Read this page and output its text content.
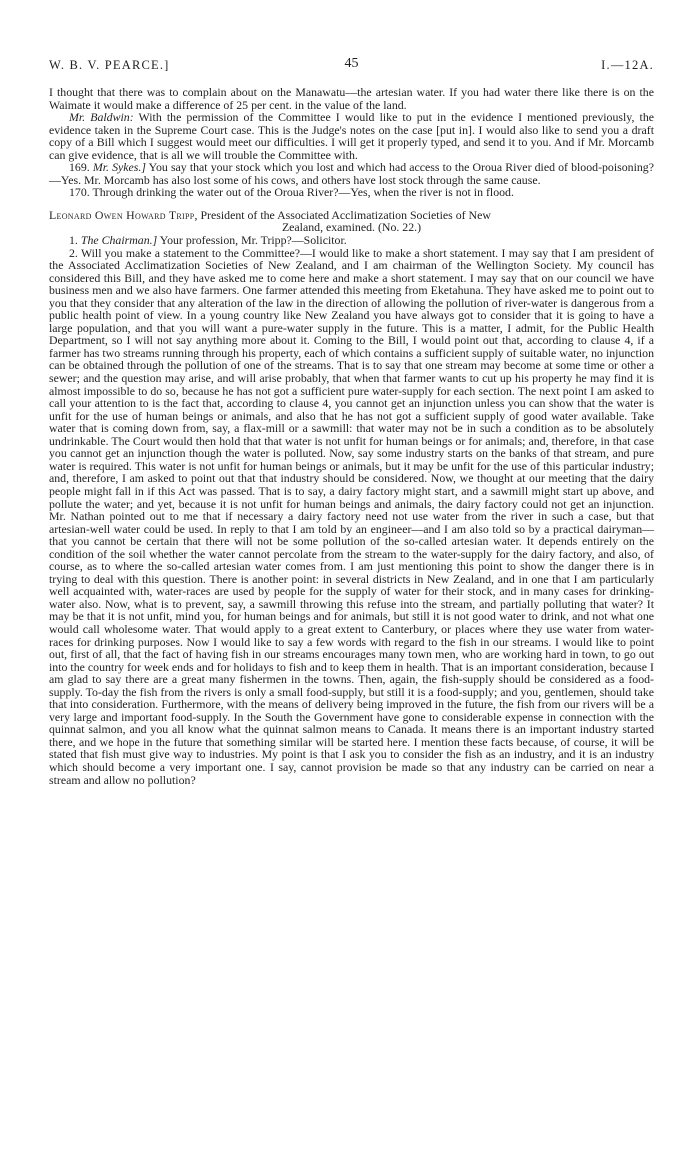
W. B. V. PEARCE.]	45	I.—12A.

I thought that there was to complain about on the Manawatu—the artesian water. If you had water there like there is on the Waimate it would make a difference of 25 per cent. in the value of the land.

Mr. Baldwin: With the permission of the Committee I would like to put in the evidence I mentioned previously, the evidence taken in the Supreme Court case. This is the Judge's notes on the case [put in]. I would also like to send you a draft copy of a Bill which I suggest would meet our difficulties. I will get it properly typed, and send it to you. And if Mr. Morcamb can give evidence, that is all we will trouble the Committee with.

169. Mr. Sykes.] You say that your stock which you lost and which had access to the Oroua River died of blood-poisoning?—Yes. Mr. Morcamb has also lost some of his cows, and others have lost stock through the same cause.

170. Through drinking the water out of the Oroua River?—Yes, when the river is not in flood.

Leonard Owen Howard Tripp, President of the Associated Acclimatization Societies of New

Zealand, examined. (No. 22.)

1. The Chairman.] Your profession, Mr. Tripp?—Solicitor.

2. Will you make a statement to the Committee?—I would like to make a short statement. I may say that I am president of the Associated Acclimatization Societies of New Zealand, and I am chairman of the Wellington Society. My council has considered this Bill, and they have asked me to come here and make a short statement. I may say that on our council we have business men and we also have farmers. One farmer attended this meeting from Eketahuna. They have asked me to point out to you that they consider that any alteration of the law in the direction of allowing the pollution of river-water is dangerous from a public health point of view. In a young country like New Zealand you have always got to consider that it is going to have a large population, and that you will want a pure-water supply in the future. This is a matter, I admit, for the Public Health Department, so I will not say anything more about it. Coming to the Bill, I would point out that, according to clause 4, if a farmer has two streams running through his property, each of which contains a sufficient supply of suitable water, no injunction can be obtained through the pollution of one of the streams. That is to say that one stream may become at some time or other a sewer; and the question may arise, and will arise probably, that when that farmer wants to cut up his property he may find it is almost impossible to do so, because he has not got a sufficient pure water-supply for each section. The next point I am asked to call your attention to is the fact that, according to clause 4, you cannot get an injunction unless you can show that the water is unfit for the use of human beings or animals, and also that he has not got a sufficient supply of good water available. Take water that is coming down from, say, a flax-mill or a sawmill: that water may not be in such a condition as to be absolutely undrinkable. The Court would then hold that that water is not unfit for human beings or for animals; and, therefore, in that case you cannot get an injunction though the water is polluted. Now, say some industry starts on the banks of that stream, and pure water is required. This water is not unfit for human beings or animals, but it may be unfit for the use of this particular industry; and, therefore, I am asked to point out that that industry should be considered. Now, we thought at our meeting that the dairy people might fall in if this Act was passed. That is to say, a dairy factory might start, and a sawmill might start up above, and pollute the water; and yet, because it is not unfit for human beings and animals, the dairy factory could not get an injunction. Mr. Nathan pointed out to me that if necessary a dairy factory need not use water from the river in such a case, but that artesian-well water could be used. In reply to that I am told by an engineer—and I am also told so by a practical dairyman—that you cannot be certain that there will not be some pollution of the so-called artesian water. It depends entirely on the condition of the soil whether the water cannot percolate from the stream to the water-supply for the dairy factory, and also, of course, as to where the so-called artesian water comes from. I am just mentioning this point to show the danger there is in trying to deal with this question. There is another point: in several districts in New Zealand, and in one that I am particularly well acquainted with, water-races are used by people for the supply of water for their stock, and in many cases for drinking-water also. Now, what is to prevent, say, a sawmill throwing this refuse into the stream, and partially polluting that water? It may be that it is not unfit, mind you, for human beings and for animals, but still it is not good water to drink, and not what one would call wholesome water. That would apply to a great extent to Canterbury, or places where they use water from water-races for drinking purposes. Now I would like to say a few words with regard to the fish in our streams. I would like to point out, first of all, that the fact of having fish in our streams encourages many town men, who are working hard in town, to go out into the country for week ends and for holidays to fish and to keep them in health. That is an important consideration, because I am glad to say there are a great many fishermen in the towns. Then, again, the fish-supply should be considered as a food-supply. To-day the fish from the rivers is only a small food-supply, but still it is a food-supply; and you, gentlemen, should take that into consideration. Furthermore, with the means of delivery being improved in the future, the fish from our rivers will be a very large and important food-supply. In the South the Government have gone to considerable expense in connection with the quinnat salmon, and you all know what the quinnat salmon means to Canada. It means there is an important industry started there, and we hope in the future that something similar will be started here. I mention these facts because, of course, it will be stated that fish must give way to industries. My point is that I ask you to consider the fish as an industry, and it is an industry which should become a very important one. I say, cannot provision be made so that any industry can be carried on near a stream and allow no pollution?
